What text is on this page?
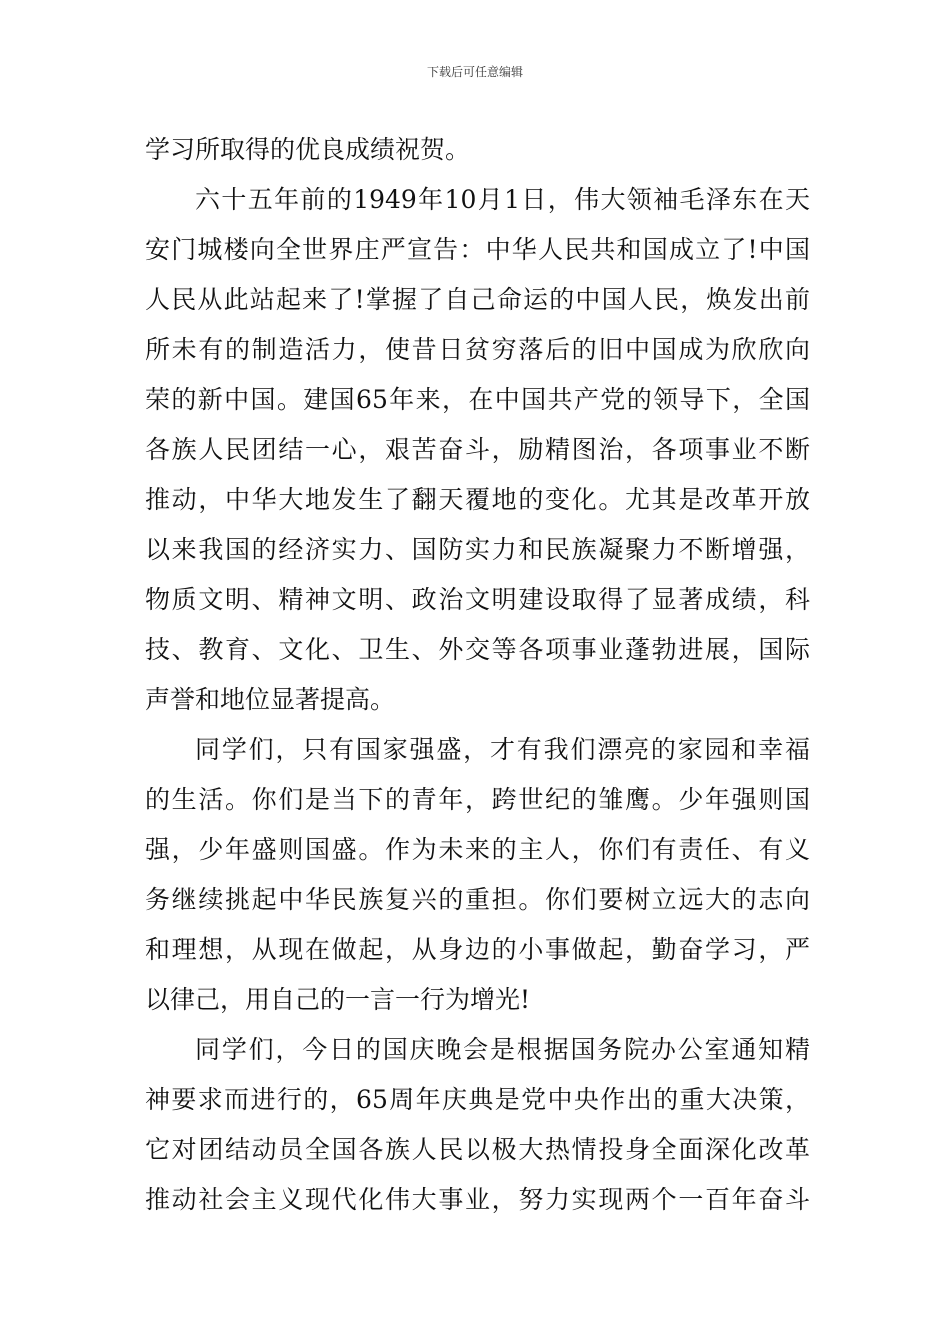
下载后可任意编辑
学习所取得的优良成绩祝贺。
六十五年前的1949年10月1日，伟大领袖毛泽东在天
安门城楼向全世界庄严宣告：中华人民共和国成立了!中国
人民从此站起来了!掌握了自己命运的中国人民，焕发出前
所未有的制造活力，使昔日贫穷落后的旧中国成为欣欣向
荣的新中国。建国65年来，在中国共产党的领导下，全国
各族人民团结一心，艰苦奋斗，励精图治，各项事业不断
推动，中华大地发生了翻天覆地的变化。尤其是改革开放
以来我国的经济实力、国防实力和民族凝聚力不断增强，
物质文明、精神文明、政治文明建设取得了显著成绩，科
技、教育、文化、卫生、外交等各项事业蓬勃进展，国际
声誉和地位显著提高。
同学们，只有国家强盛，才有我们漂亮的家园和幸福
的生活。你们是当下的青年，跨世纪的雏鹰。少年强则国
强，少年盛则国盛。作为未来的主人，你们有责任、有义
务继续挑起中华民族复兴的重担。你们要树立远大的志向
和理想，从现在做起，从身边的小事做起，勤奋学习，严
以律己，用自己的一言一行为增光!
同学们，今日的国庆晚会是根据国务院办公室通知精
神要求而进行的，65周年庆典是党中央作出的重大决策，
它对团结动员全国各族人民以极大热情投身全面深化改革
推动社会主义现代化伟大事业，努力实现两个一百年奋斗
